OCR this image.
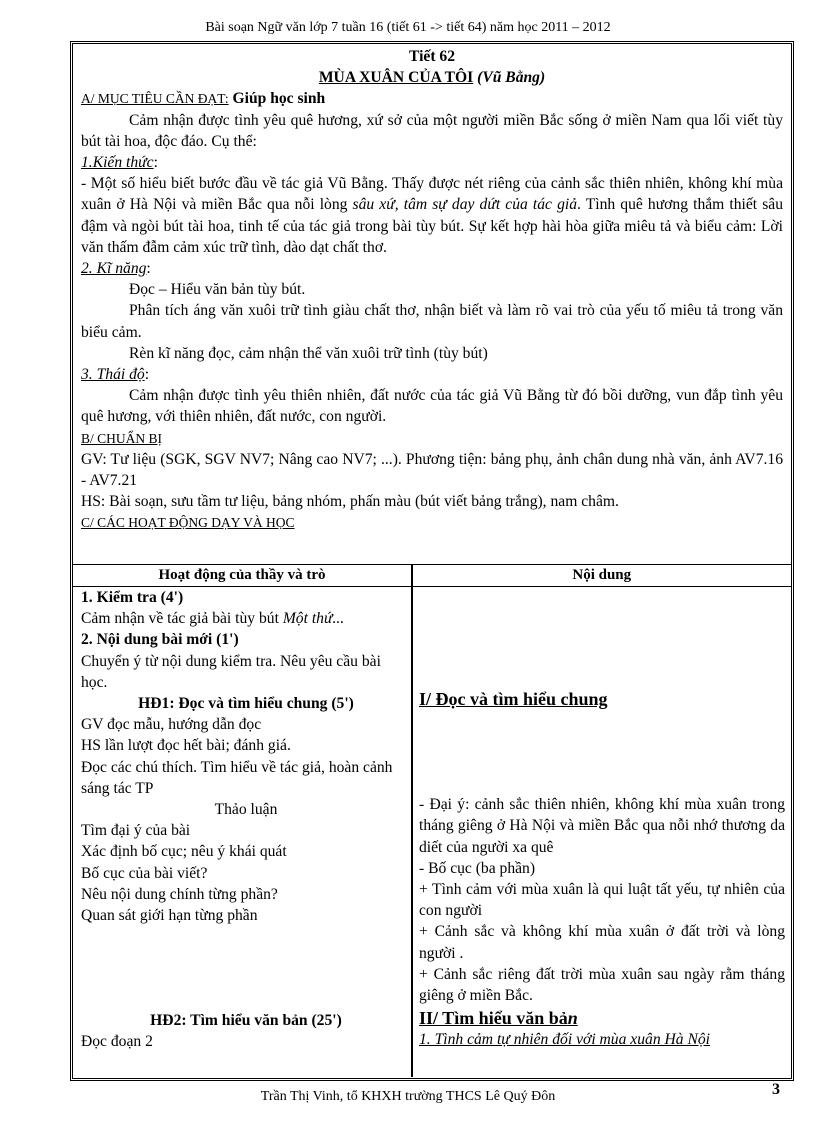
Bài soạn Ngữ văn lớp 7 tuần 16 (tiết 61 -> tiết 64) năm học 2011 – 2012
Tiết 62
MÙA XUÂN CỦA TÔI (Vũ Bằng)

A/ MỤC TIÊU CẦN ĐẠT: Giúp học sinh

Cảm nhận được tình yêu quê hương, xứ sở của một người miền Bắc sống ở miền Nam qua lối viết tùy bút tài hoa, độc đáo. Cụ thể:

1.Kiến thức:

- Một số hiểu biết bước đầu về tác giả Vũ Bằng. Thấy được nét riêng của cảnh sắc thiên nhiên, không khí mùa xuân ở Hà Nội và miền Bắc qua nỗi lòng sâu xứ, tâm sự day dứt của tác giả. Tình quê hương thắm thiết sâu đậm và ngòi bút tài hoa, tinh tế của tác giả trong bài tùy bút. Sự kết hợp hài hòa giữa miêu tả và biểu cảm: Lời văn thấm đẫm cảm xúc trữ tình, dào dạt chất thơ.

2. Kĩ năng:

Đọc – Hiểu văn bản tùy bút.

Phân tích áng văn xuôi trữ tình giàu chất thơ, nhận biết và làm rõ vai trò của yếu tố miêu tả trong văn biểu cảm.

Rèn kĩ năng đọc, cảm nhận thể văn xuôi trữ tình (tùy bút)

3. Thái độ:

Cảm nhận được tình yêu thiên nhiên, đất nước của tác giả Vũ Bằng từ đó bồi dưỡng, vun đắp tình yêu quê hương, với thiên nhiên, đất nước, con người.

B/ CHUẨN BỊ

GV: Tư liệu (SGK, SGV NV7; Nâng cao NV7; ...). Phương tiện: bảng phụ, ảnh chân dung nhà văn, ảnh AV7.16 - AV7.21

HS: Bài soạn, sưu tầm tư liệu, bảng nhóm, phấn màu (bút viết bảng trắng), nam châm.

C/ CÁC HOẠT ĐỘNG DẠY VÀ HỌC

Hoạt động của thầy và trò	Nội dung

1. Kiểm tra (4')

Cảm nhận về tác giả bài tùy bút Một thứ...

2. Nội dung bài mới (1')

Chuyển ý từ nội dung kiểm tra. Nêu yêu cầu bài học.

HĐ1: Đọc và tìm hiểu chung (5')

GV đọc mẫu, hướng dẫn đọc

HS lần lượt đọc hết bài; đánh giá.

Đọc các chú thích. Tìm hiểu về tác giả, hoàn cảnh sáng tác TP

Thảo luận

Tìm đại ý của bài

Xác định bố cục; nêu ý khái quát

Bố cục của bài viết?

Nêu nội dung chính từng phần?

Quan sát giới hạn từng phần

HĐ2: Tìm hiểu văn bản (25')

Đọc đoạn 2

I/ Đọc và tìm hiểu chung

- Đại ý: cảnh sắc thiên nhiên, không khí mùa xuân trong tháng giêng ở Hà Nội và miền Bắc qua nỗi nhớ thương da diết của người xa quê

- Bố cục (ba phần)

+ Tình cảm với mùa xuân là qui luật tất yếu, tự nhiên của con người

+ Cảnh sắc và không khí mùa xuân ở đất trời và lòng người .

+ Cảnh sắc riêng đất trời mùa xuân sau ngày rằm tháng giêng ở miền Bắc.

II/ Tìm hiểu văn bản

1. Tình cảm tự nhiên đối với mùa xuân Hà Nội

Trần Thị Vinh, tổ KHXH trường THCS Lê Quý Đôn	3
